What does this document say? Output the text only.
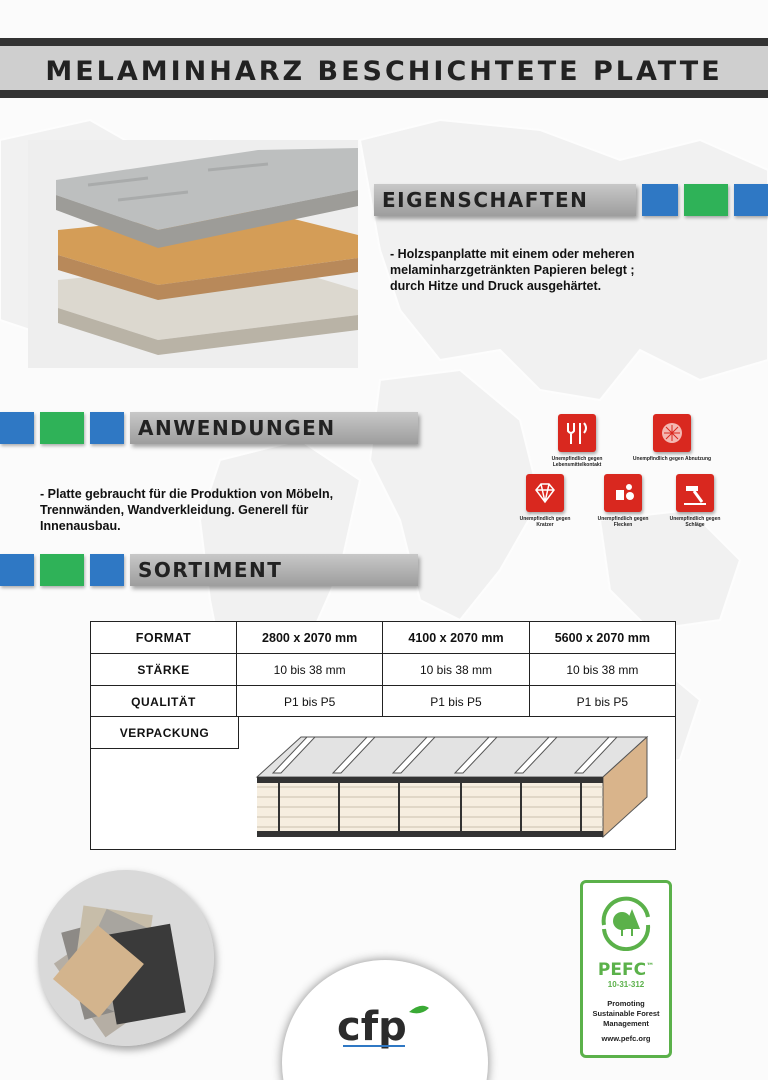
MELAMINHARZ BESCHICHTETE PLATTE
EIGENSCHAFTEN
- Holzspanplatte mit einem oder meheren melaminharzgetränkten Papieren belegt ; durch Hitze und Druck ausgehärtet.
ANWENDUNGEN
- Platte gebraucht für die Produktion von Möbeln, Trennwänden, Wandverkleidung. Generell für Innenausbau.
Unempfindlich gegen Lebensmittelkontakt
Unempfindlich gegen Abnutzung
Unempfindlich gegen Kratzer
Unempfindlich gegen Flecken
Unempfindlich gegen Schläge
SORTIMENT
FORMAT	2800 x 2070 mm	4100 x 2070 mm	5600 x 2070 mm
STÄRKE	10 bis 38 mm	10 bis 38 mm	10 bis 38 mm
QUALITÄT	P1 bis P5	P1 bis P5	P1 bis P5
VERPACKUNG
cfp
PEFC™
10-31-312
Promoting
Sustainable Forest
Management
www.pefc.org
